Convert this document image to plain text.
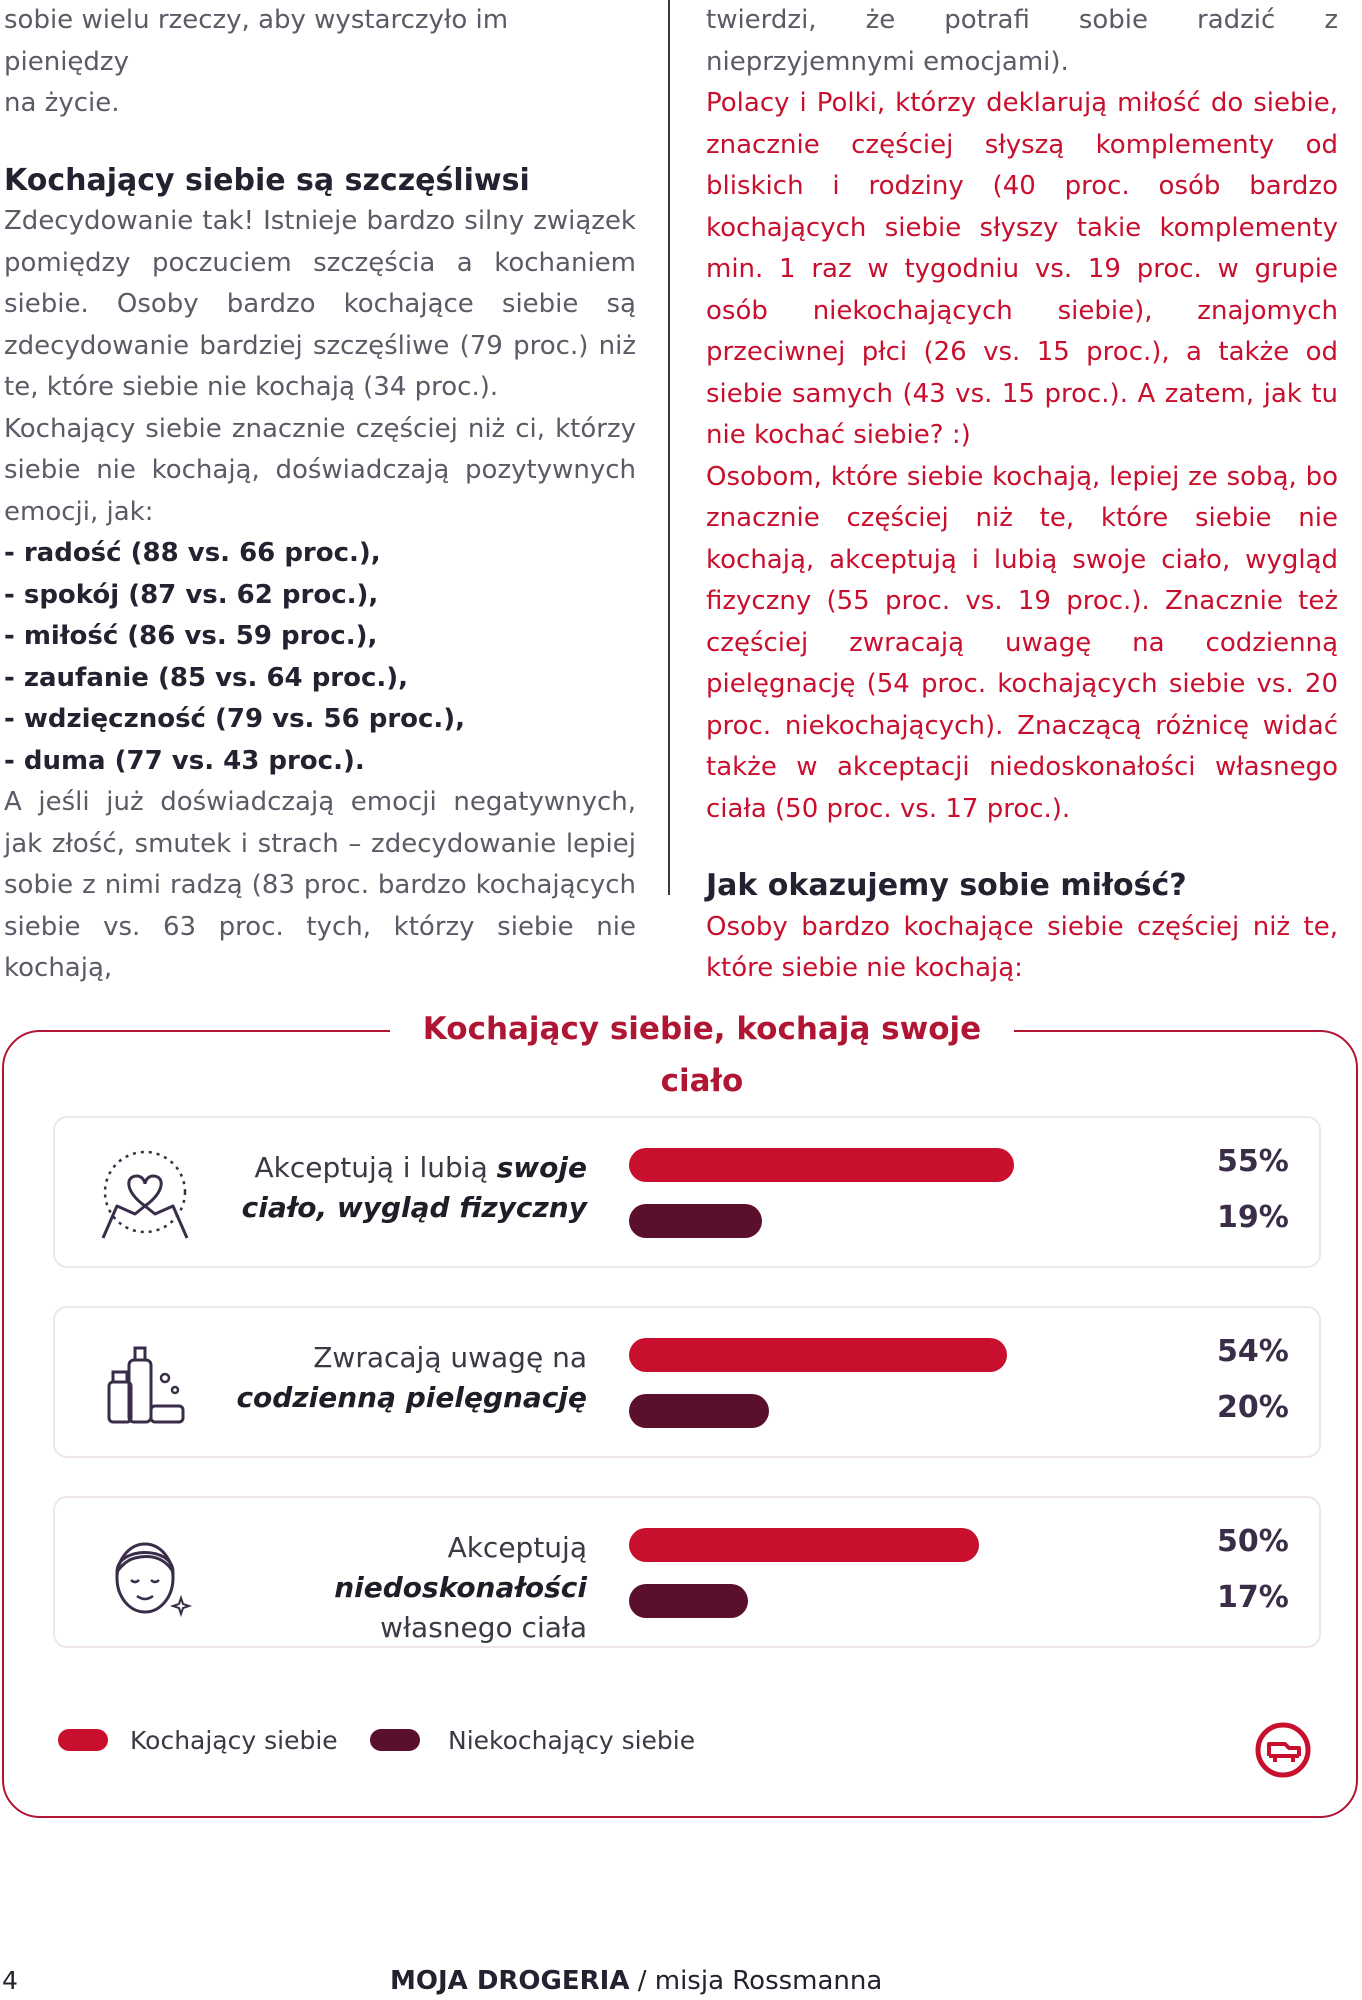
sobie wielu rzeczy, aby wystarczyło im pieniędzy

na życie.

Kochający siebie są szczęśliwsi

Zdecydowanie tak! Istnieje bardzo silny związek pomiędzy poczuciem szczęścia a kochaniem siebie. Osoby bardzo kochające siebie są zdecydowanie bardziej szczęśliwe (79 proc.) niż te, które siebie nie kochają (34 proc.).

Kochający siebie znacznie częściej niż ci, którzy siebie nie kochają, doświadczają pozytywnych emocji, jak:

- radość (88 vs. 66 proc.),

- spokój (87 vs. 62 proc.),

- miłość (86 vs. 59 proc.),

- zaufanie (85 vs. 64 proc.),

- wdzięczność (79 vs. 56 proc.),

- duma (77 vs. 43 proc.).

A jeśli już doświadczają emocji negatywnych, jak złość, smutek i strach – zdecydowanie lepiej sobie z nimi radzą (83 proc. bardzo kochających siebie vs. 63 proc. tych, którzy siebie nie kochają,

twierdzi, że potrafi sobie radzić z nieprzyjemnymi emocjami).

Polacy i Polki, którzy deklarują miłość do siebie, znacznie częściej słyszą komplementy od bliskich i rodziny (40 proc. osób bardzo kochających siebie słyszy takie komplementy min. 1 raz w tygodniu vs. 19 proc. w grupie osób niekochających siebie), znajomych przeciwnej płci (26 vs. 15 proc.), a także od siebie samych (43 vs. 15 proc.). A zatem, jak tu nie kochać siebie? :)

Osobom, które siebie kochają, lepiej ze sobą, bo znacznie częściej niż te, które siebie nie kochają, akceptują i lubią swoje ciało, wygląd fizyczny (55 proc. vs. 19 proc.). Znacznie też częściej zwracają uwagę na codzienną pielęgnację (54 proc. kochających siebie vs. 20 proc. niekochających). Znaczącą różnicę widać także w akceptacji niedoskonałości własnego ciała (50 proc. vs. 17 proc.).

Jak okazujemy sobie miłość?

Osoby bardzo kochające siebie częściej niż te, które siebie nie kochają:

Kochający siebie, kochają swoje ciało
Akceptują i lubią swoje ciało, wygląd fizyczny
55%
19%
Zwracają uwagę na codzienną pielęgnację
54%
20%
Akceptują niedoskonałości
własnego ciała
50%
17%
Kochający siebie	Niekochający siebie
4	MOJA DROGERIA / misja Rossmanna
